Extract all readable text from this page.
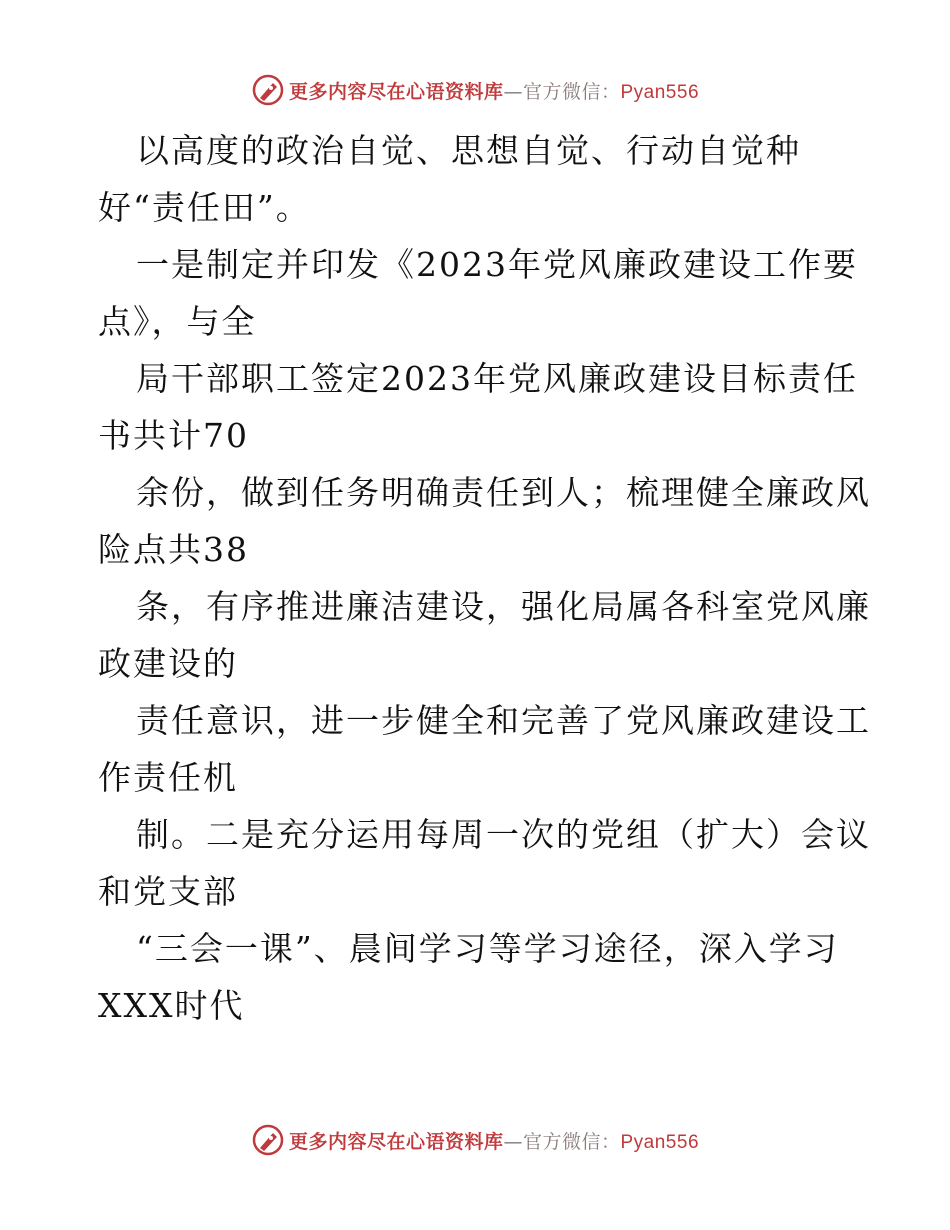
更多内容尽在心语资料库—官方微信：Pyan556
以高度的政治自觉、思想自觉、行动自觉种
好“责任田”。
一是制定并印发《2023年党风廉政建设工作要
点》，与全
局干部职工签定2023年党风廉政建设目标责任
书共计70
余份，做到任务明确责任到人；梳理健全廉政风
险点共38
条，有序推进廉洁建设，强化局属各科室党风廉
政建设的
责任意识，进一步健全和完善了党风廉政建设工
作责任机
制。二是充分运用每周一次的党组（扩大）会议
和党支部
“三会一课”、晨间学习等学习途径，深入学习
XXX时代
更多内容尽在心语资料库—官方微信：Pyan556
